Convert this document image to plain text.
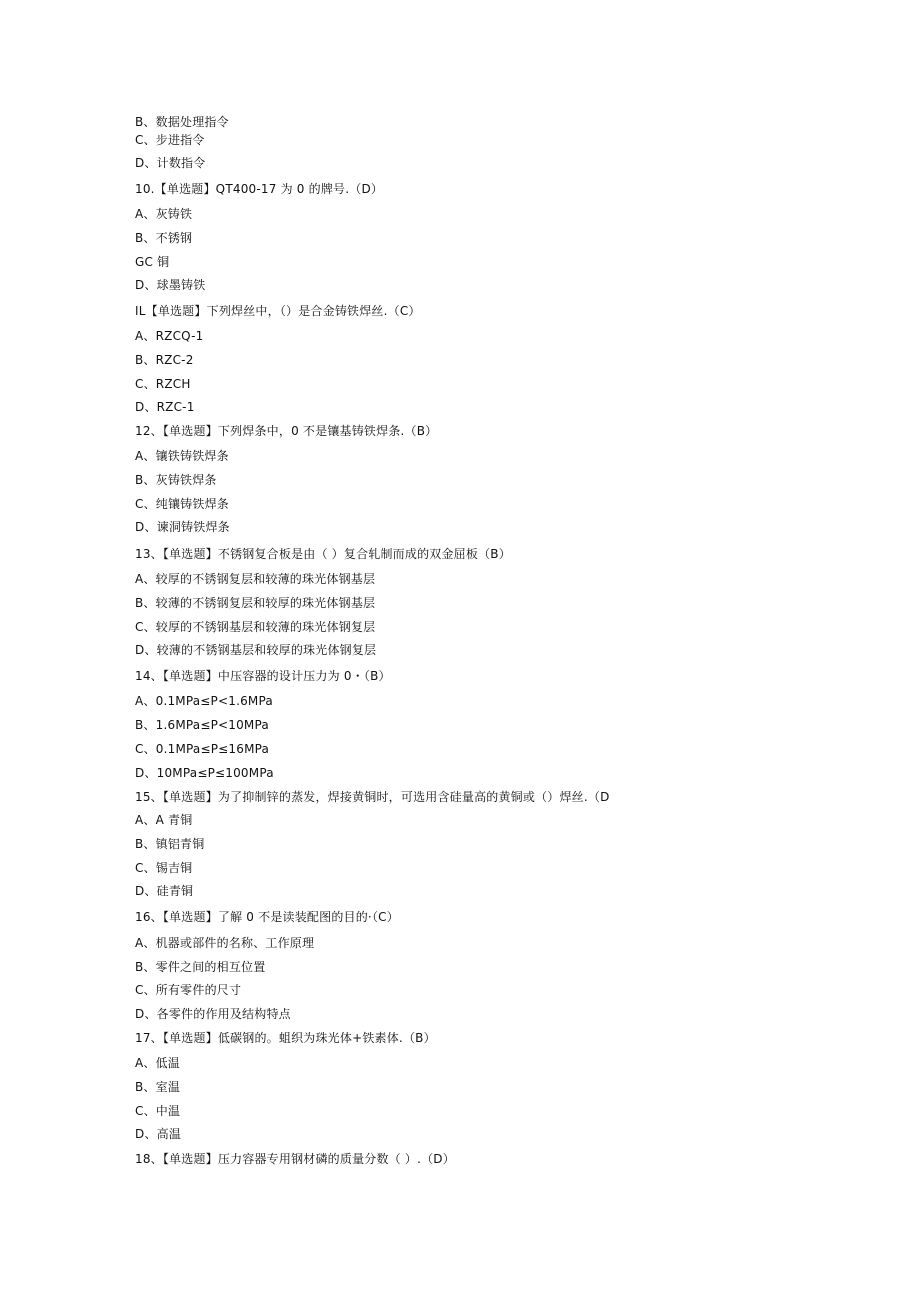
B、数据处理指令
C、步进指令
D、计数指令
10.【单选题】QT400-17 为 0 的牌号.（D）
A、灰铸铁
B、不锈钢
GC 铜
D、球墨铸铁
IL【单选题】下列焊丝中，（）是合金铸铁焊丝.（C）
A、RZCQ-1
B、RZC-2
C、RZCH
D、RZC-1
12、【单选题】下列焊条中，0 不是镶基铸铁焊条.（B）
A、镶铁铸铁焊条
B、灰铸铁焊条
C、纯镶铸铁焊条
D、谏洞铸铁焊条
13、【单选题】不锈钢复合板是由（ ）复合轧制而成的双金屈板（B）
A、较厚的不锈钢复层和较薄的珠光体钢基层
B、较薄的不锈钢复层和较厚的珠光体钢基层
C、较厚的不锈钢基层和较薄的珠光体钢复层
D、较薄的不锈钢基层和较厚的珠光体钢复层
14、【单选题】中压容器的设计压力为 0・（B）
A、0.1MPa≤P<1.6MPa
B、1.6MPa≤P<10MPa
C、0.1MPa≤P≤16MPa
D、10MPa≤P≤100MPa
15、【单选题】为了抑制锌的蒸发，焊接黄铜时，可选用含硅量高的黄铜或（）焊丝.（D
A、A 青铜
B、镇铝青铜
C、锡吉铜
D、硅青铜
16、【单选题】了解 0 不是读装配图的目的·（C）
A、机器或部件的名称、工作原理
B、零件之间的相互位置
C、所有零件的尺寸
D、各零件的作用及结构特点
17、【单选题】低碳钢的。蛆织为珠光体+铁素体.（B）
A、低温
B、室温
C、中温
D、高温
18、【单选题】压力容器专用钢材磷的质量分数（ ）.（D）
